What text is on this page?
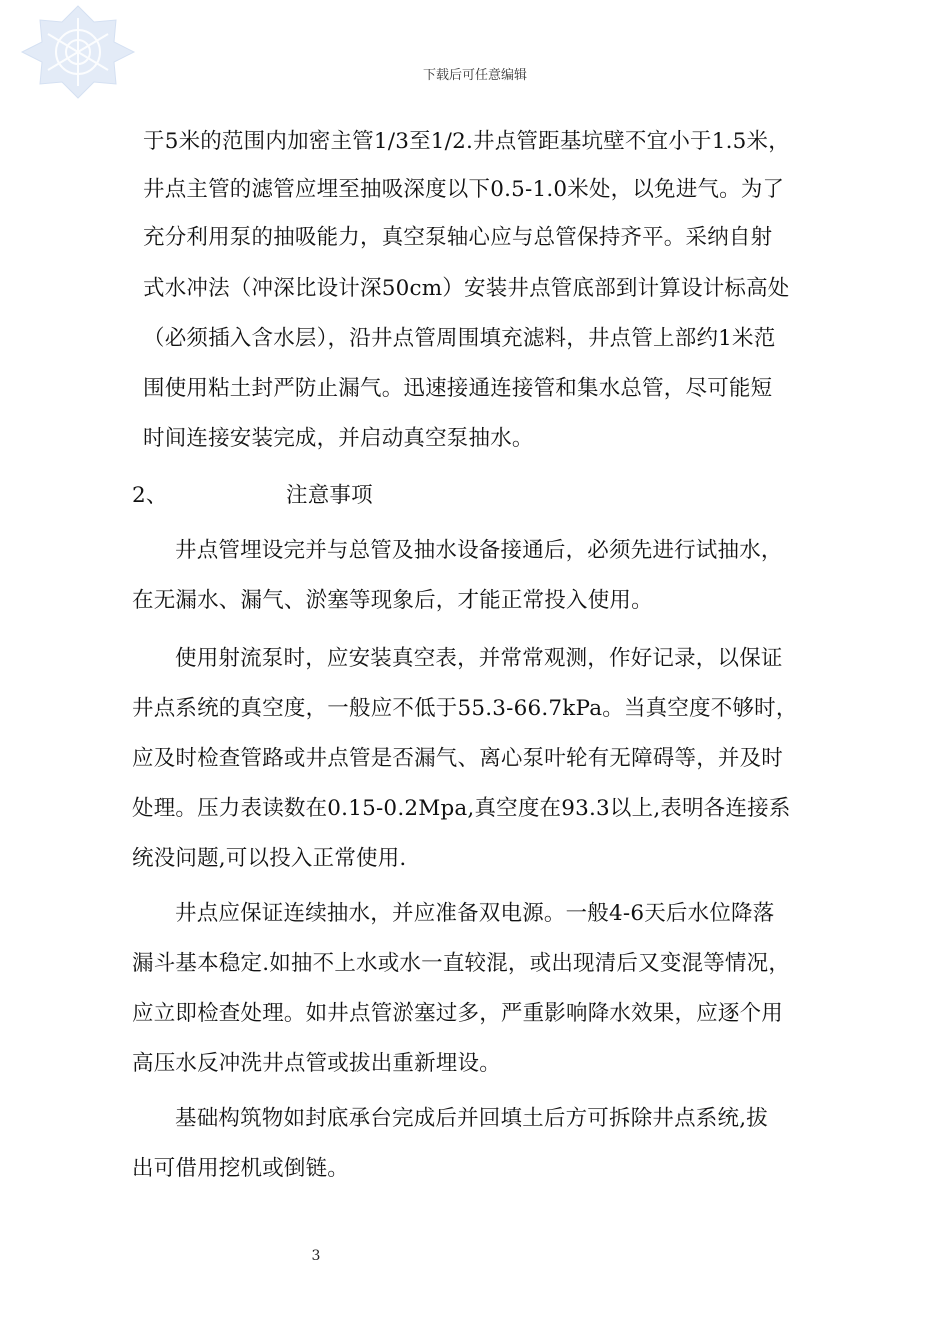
下载后可任意编辑
于5米的范围内加密主管1/3至1/2.井点管距基坑壁不宜小于1.5米，
井点主管的滤管应埋至抽吸深度以下0.5-1.0米处，以免进气。为了
充分利用泵的抽吸能力，真空泵轴心应与总管保持齐平。采纳自射
式水冲法（冲深比设计深50cm）安装井点管底部到计算设计标高处
（必须插入含水层），沿井点管周围填充滤料，井点管上部约1米范
围使用粘土封严防止漏气。迅速接通连接管和集水总管，尽可能短
时间连接安装完成，并启动真空泵抽水。
2、	注意事项
井点管埋设完并与总管及抽水设备接通后，必须先进行试抽水，
在无漏水、漏气、淤塞等现象后，才能正常投入使用。
使用射流泵时，应安装真空表，并常常观测，作好记录，以保证
井点系统的真空度，一般应不低于55.3-66.7kPa。当真空度不够时，
应及时检查管路或井点管是否漏气、离心泵叶轮有无障碍等，并及时
处理。压力表读数在0.15-0.2Mpa,真空度在93.3以上,表明各连接系
统没问题,可以投入正常使用.
井点应保证连续抽水，并应准备双电源。一般4-6天后水位降落
漏斗基本稳定.如抽不上水或水一直较混，或出现清后又变混等情况，
应立即检查处理。如井点管淤塞过多，严重影响降水效果，应逐个用
高压水反冲洗井点管或拔出重新埋设。
基础构筑物如封底承台完成后并回填土后方可拆除井点系统,拔
出可借用挖机或倒链。
3
